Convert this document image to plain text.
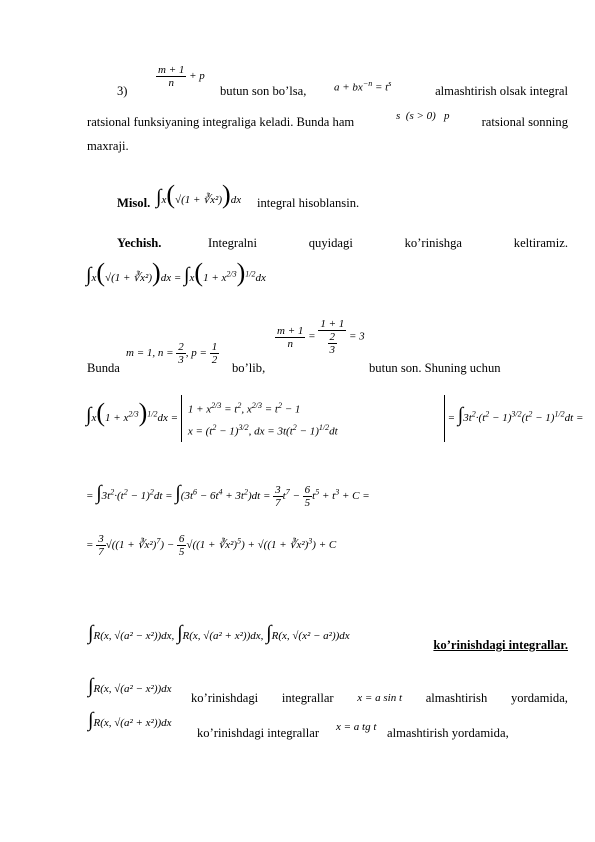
3)
$\frac{m + 1}{n} + p$
butun son bo’lsa,	$a + bx^{-n} = t^s$
almashtirish olsak integral
ratsional funksiyaning integraliga keladi. Bunda ham	s  (s > 0)   p	ratsional sonning
maxraji.
Misol. ∫x(√(1 + ∛x²))dx integral hisoblansin.
Yechish.	Integralni	quyidagi	ko’rinishga	keltiramiz.
∫x(√(1 + ∛x²))dx = $\int x(1 + x^{2/3})^{1/2}dx$
Bunda
m = 1, $n = \frac{2}{3}$ , $p = \frac{1}{2}$
bo’lib,
$\frac{m + 1}{n} = \frac{1 + 1}{\frac{2}{3}} = 3$
butun son. Shuning uchun
$\int x(1 + x^{2/3})^{1/2}dx = 1 + x^{2/3} = t^2$, $x^{2/3} = t^2 - 1$
$x = (t^2 - 1)^{3/2}$, dx = $3t(t^2 - 1)^{1/2}dt = \int 3t^2\cdot(t^2 - 1)^{3/2}(t^2 - 1)^{1/2}dt$ =
= $\int 3t^2\cdot(t^2 - 1)^2dt = \int(3t^6 - 6t^4 + 3t^2)dt = \frac{3}{7} t^7 - \frac{6}{5} t^5 + t^3 + C$ =
= $\frac{3}{7} √((1$ + ∛x²)$^7$) − $\frac{6}{5} √((1$ + ∛x²)$^5$) + √((1 + ∛x²)$^3$) + C
∫R(x, √(a² − x²))dx, ∫R(x, √(a² + x²))dx, ∫R(x, √(x² − a²))dx
ko’rinishdagi integrallar.
∫R(x, √(a² − x²))dx
ko’rinishdagi integrallar x = a sin t almashtirish yordamida,
∫R(x, √(a² + x²))dx
ko’rinishdagi integrallar x = a tg t almashtirish yordamida,
